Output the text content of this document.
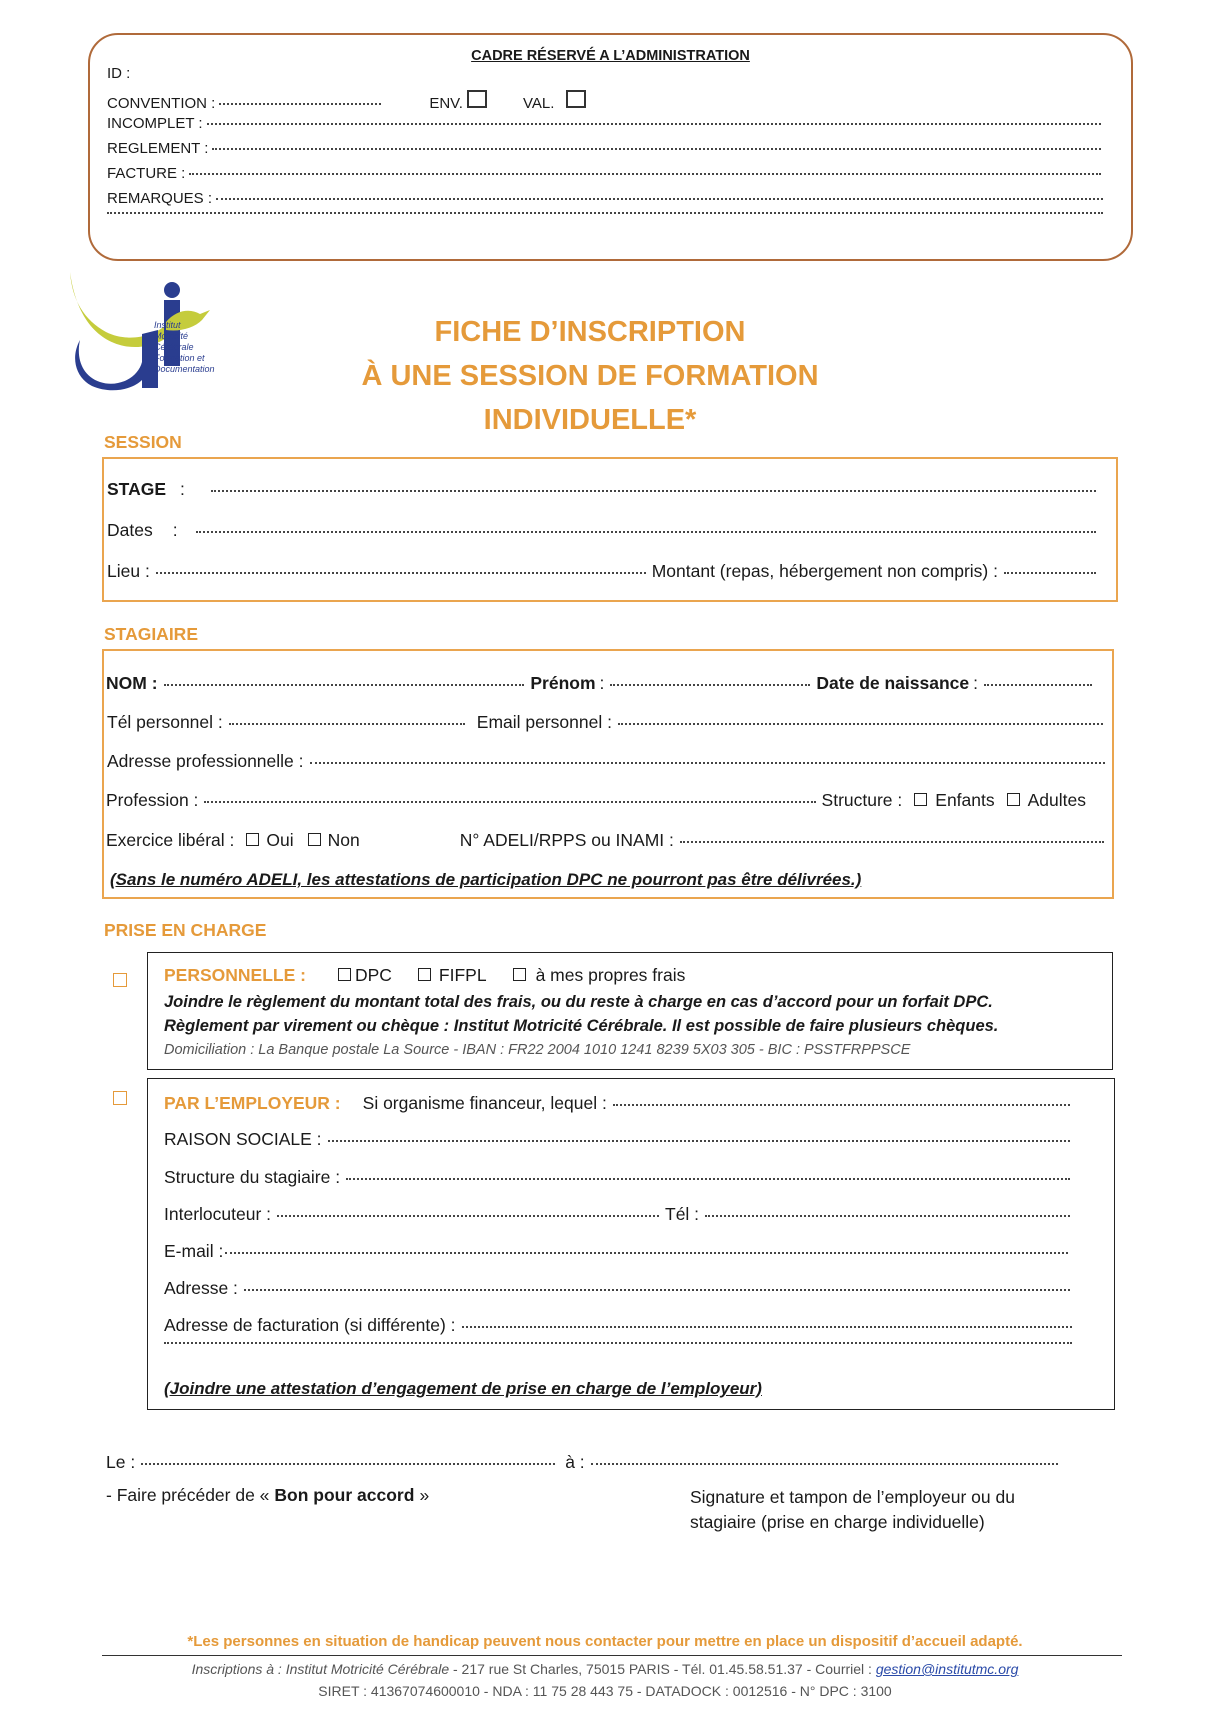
CADRE RÉSERVÉ A L’ADMINISTRATION
ID :
CONVENTION :	ENV.	VAL.
INCOMPLET :
REGLEMENT :
FACTURE :
REMARQUES :
Institut
Motricité
Cérébrale
Formation et
Documentation
FICHE D’INSCRIPTION
À UNE SESSION DE FORMATION INDIVIDUELLE*
SESSION
STAGE :
Dates :
Lieu :	Montant (repas, hébergement non compris) :
STAGIAIRE
NOM :	Prénom :	Date de naissance :
Tél personnel :	Email personnel :
Adresse professionnelle :
Profession :	Structure : Enfants Adultes
Exercice libéral : Oui Non	N° ADELI/RPPS ou INAMI :
(Sans le numéro ADELI, les attestations de participation DPC ne pourront pas être délivrées.)
PRISE EN CHARGE
PERSONNELLE :	DPC	FIFPL	à mes propres frais
Joindre le règlement du montant total des frais, ou du reste à charge en cas d’accord pour un forfait DPC.
Règlement par virement ou chèque : Institut Motricité Cérébrale. Il est possible de faire plusieurs chèques.
Domiciliation : La Banque postale La Source - IBAN : FR22 2004 1010 1241 8239 5X03 305 - BIC : PSSTFRPPSCE
PAR L’EMPLOYEUR : Si organisme financeur, lequel :
RAISON SOCIALE :
Structure du stagiaire :
Interlocuteur :	Tél :
E-mail :
Adresse :
Adresse de facturation (si différente) :
(Joindre une attestation d’engagement de prise en charge de l’employeur)
Le :	à :
- Faire précéder de « Bon pour accord »	Signature et tampon de l’employeur ou du
stagiaire (prise en charge individuelle)
*Les personnes en situation de handicap peuvent nous contacter pour mettre en place un dispositif d’accueil adapté.
Inscriptions à : Institut Motricité Cérébrale - 217 rue St Charles, 75015 PARIS - Tél. 01.45.58.51.37 - Courriel : gestion@institutmc.org
SIRET : 41367074600010 - NDA : 11 75 28 443 75 - DATADOCK : 0012516 - N° DPC : 3100
